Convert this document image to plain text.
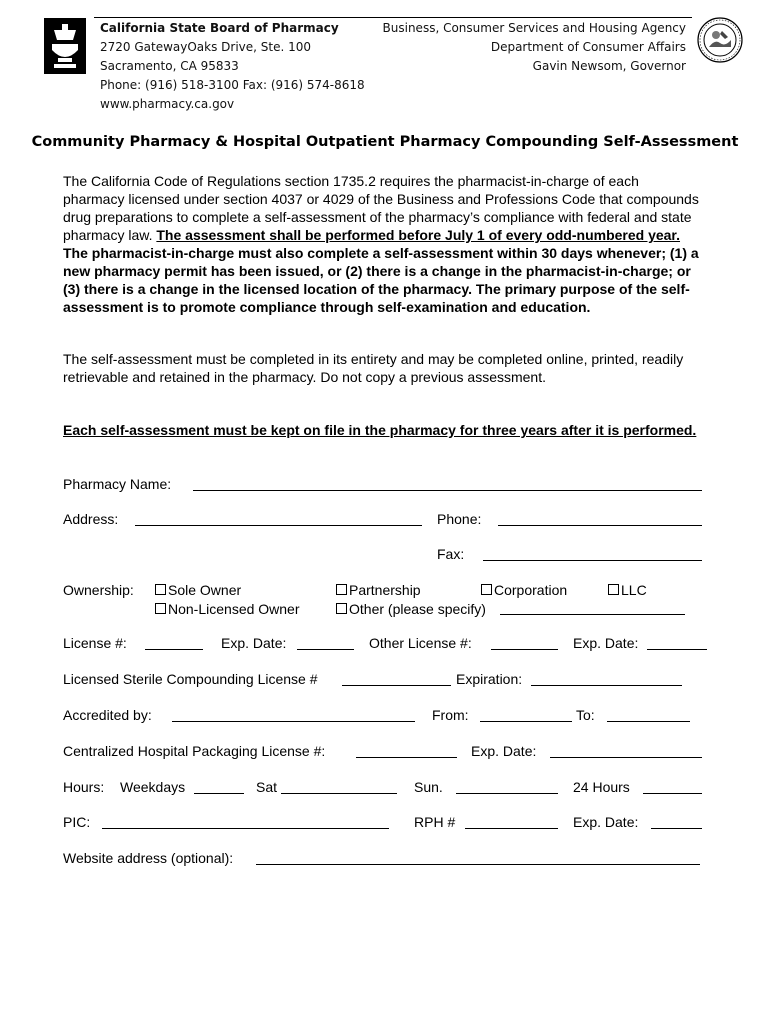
California State Board of Pharmacy
2720 GatewayOaks Drive, Ste. 100
Sacramento, CA 95833
Phone: (916) 518-3100 Fax: (916) 574-8618
www.pharmacy.ca.gov
Business, Consumer Services and Housing Agency
Department of Consumer Affairs
Gavin Newsom, Governor
Community Pharmacy & Hospital Outpatient Pharmacy Compounding Self-Assessment
The California Code of Regulations section 1735.2 requires the pharmacist-in-charge of each pharmacy licensed under section 4037 or 4029 of the Business and Professions Code that compounds drug preparations to complete a self-assessment of the pharmacy’s compliance with federal and state pharmacy law. The assessment shall be performed before July 1 of every odd-numbered year. The pharmacist-in-charge must also complete a self-assessment within 30 days whenever; (1) a new pharmacy permit has been issued, or (2) there is a change in the pharmacist-in-charge; or (3) there is a change in the licensed location of the pharmacy. The primary purpose of the self-assessment is to promote compliance through self-examination and education.
The self-assessment must be completed in its entirety and may be completed online, printed, readily retrievable and retained in the pharmacy. Do not copy a previous assessment.
Each self-assessment must be kept on file in the pharmacy for three years after it is performed.
Pharmacy Name:
Address:	Phone:
Fax:
Ownership:	Sole Owner	Partnership	Corporation	LLC
Non-Licensed Owner	Other (please specify)
License #:	Exp. Date:	Other License #:	Exp. Date:
Licensed Sterile Compounding License #	Expiration:
Accredited by:	From:	To:
Centralized Hospital Packaging License #:	Exp. Date:
Hours: Weekdays	Sat	Sun.	24 Hours
PIC:	RPH #	Exp. Date:
Website address (optional):
